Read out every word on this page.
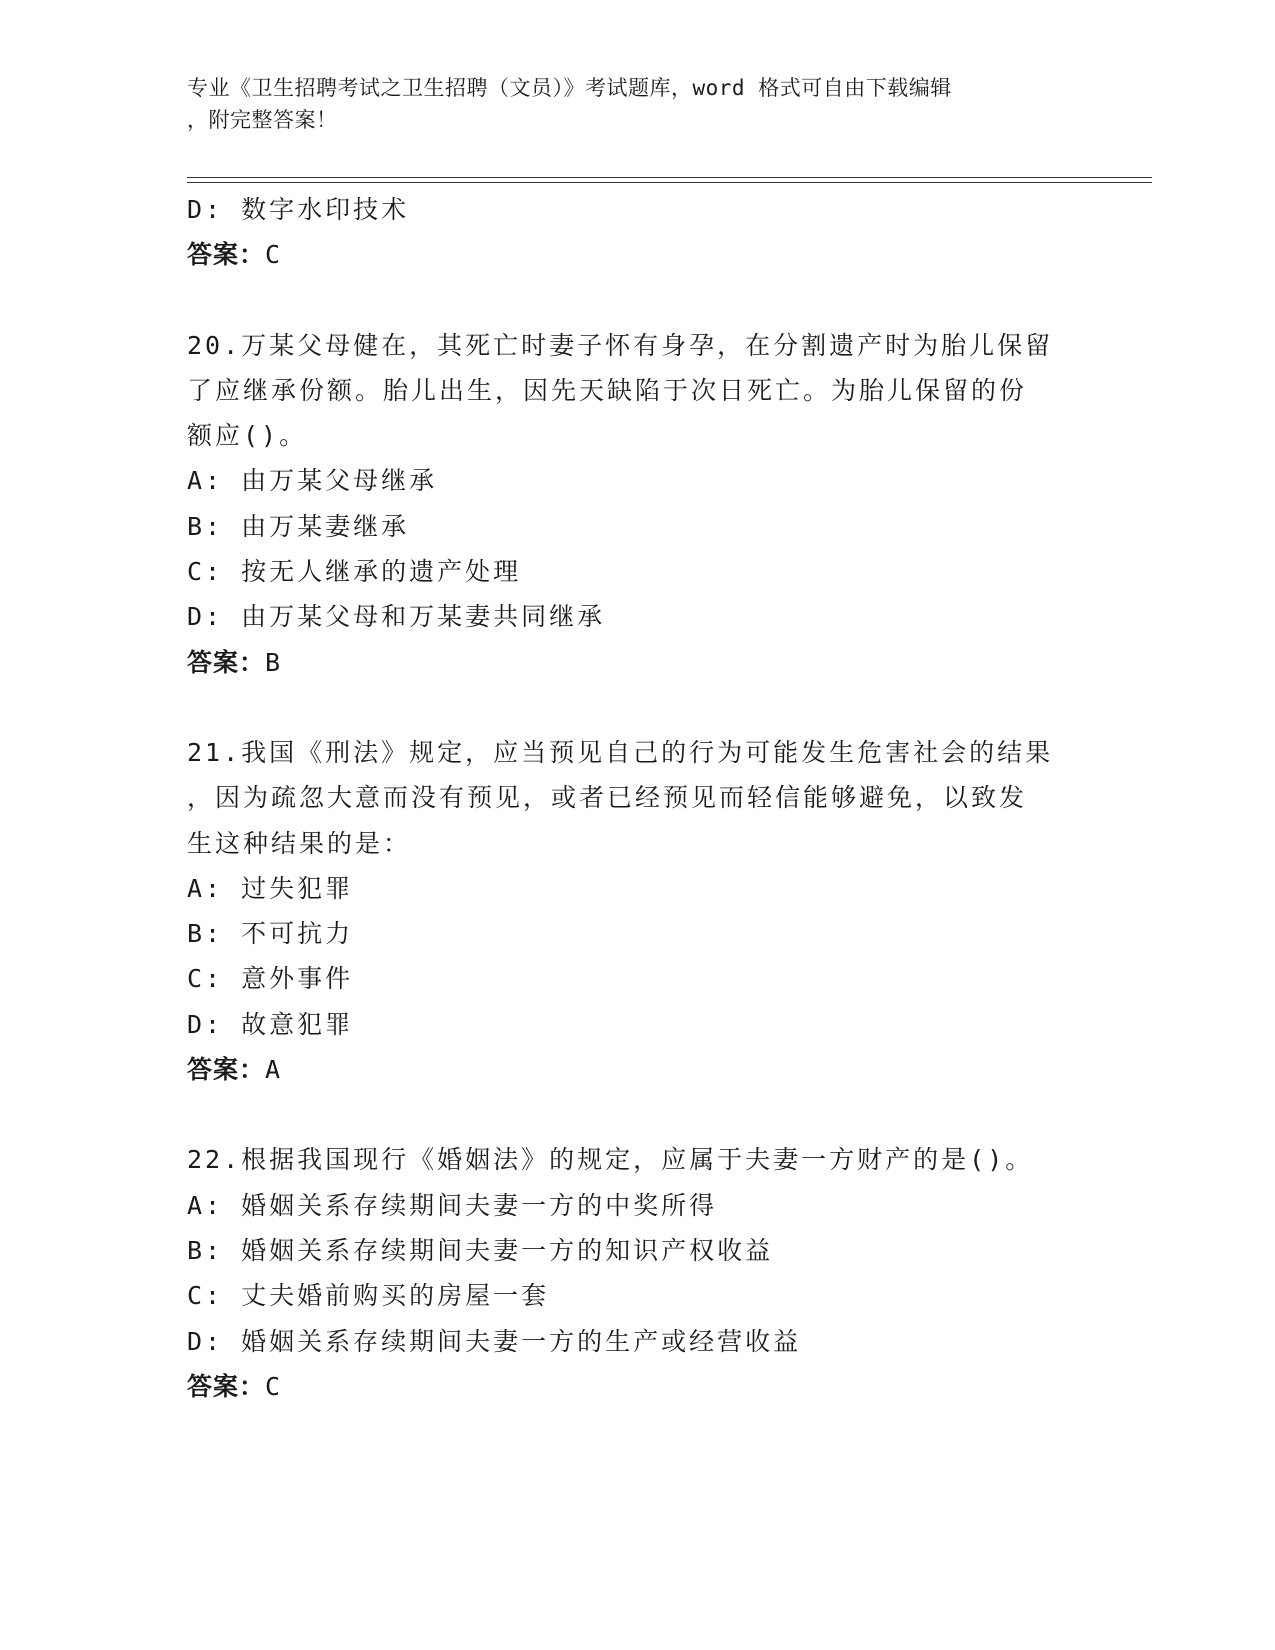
专业《卫生招聘考试之卫生招聘（文员）》考试题库，word 格式可自由下载编辑
，附完整答案！
D: 数字水印技术
答案：C
20.万某父母健在，其死亡时妻子怀有身孕，在分割遗产时为胎儿保留
了应继承份额。胎儿出生，因先天缺陷于次日死亡。为胎儿保留的份
额应()。
A: 由万某父母继承
B: 由万某妻继承
C: 按无人继承的遗产处理
D: 由万某父母和万某妻共同继承
答案：B
21.我国《刑法》规定，应当预见自己的行为可能发生危害社会的结果
，因为疏忽大意而没有预见，或者已经预见而轻信能够避免，以致发
生这种结果的是：
A: 过失犯罪
B: 不可抗力
C: 意外事件
D: 故意犯罪
答案：A
22.根据我国现行《婚姻法》的规定，应属于夫妻一方财产的是()。
A: 婚姻关系存续期间夫妻一方的中奖所得
B: 婚姻关系存续期间夫妻一方的知识产权收益
C: 丈夫婚前购买的房屋一套
D: 婚姻关系存续期间夫妻一方的生产或经营收益
答案：C
